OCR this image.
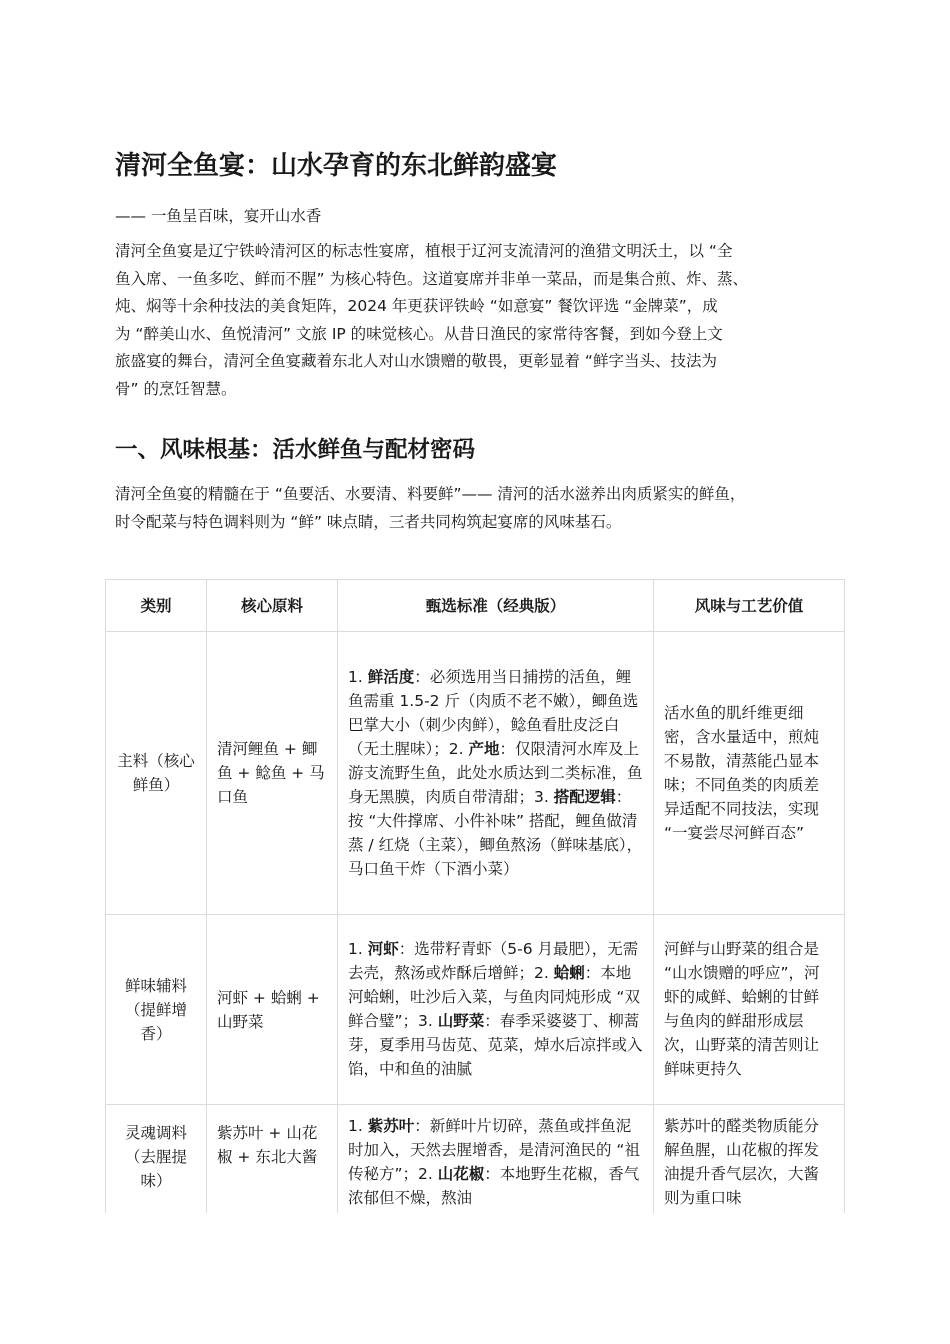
清河全鱼宴：山水孕育的东北鲜韵盛宴

—— 一鱼呈百味，宴开山水香

清河全鱼宴是辽宁铁岭清河区的标志性宴席，植根于辽河支流清河的渔猎文明沃土，以 “全
鱼入席、一鱼多吃、鲜而不腥” 为核心特色。这道宴席并非单一菜品，而是集合煎、炸、蒸、
炖、焖等十余种技法的美食矩阵，2024 年更获评铁岭 “如意宴” 餐饮评选 “金牌菜”，成
为 “醉美山水、鱼悦清河” 文旅 IP 的味觉核心。从昔日渔民的家常待客餐，到如今登上文
旅盛宴的舞台，清河全鱼宴藏着东北人对山水馈赠的敬畏，更彰显着 “鲜字当头、技法为
骨” 的烹饪智慧。

一、风味根基：活水鲜鱼与配材密码

清河全鱼宴的精髓在于 “鱼要活、水要清、料要鲜”—— 清河的活水滋养出肉质紧实的鲜鱼，
时令配菜与特色调料则为 “鲜” 味点睛，三者共同构筑起宴席的风味基石。

类别	核心原料	甄选标准（经典版）	风味与工艺价值
主料（核心鲜鱼）	清河鲤鱼 + 鲫鱼 + 鲶鱼 + 马口鱼	1. 鲜活度：必须选用当日捕捞的活鱼，鲤鱼需重 1.5-2 斤（肉质不老不嫩），鲫鱼选巴掌大小（刺少肉鲜），鲶鱼看肚皮泛白（无土腥味）；2. 产地：仅限清河水库及上游支流野生鱼，此处水质达到二类标准，鱼身无黑膜，肉质自带清甜；3. 搭配逻辑：按 “大件撑席、小件补味” 搭配，鲤鱼做清蒸 / 红烧（主菜），鲫鱼熬汤（鲜味基底），马口鱼干炸（下酒小菜）	活水鱼的肌纤维更细密，含水量适中，煎炖不易散，清蒸能凸显本味；不同鱼类的肉质差异适配不同技法，实现 “一宴尝尽河鲜百态”
鲜味辅料（提鲜增香）	河虾 + 蛤蜊 + 山野菜	1. 河虾：选带籽青虾（5-6 月最肥），无需去壳，熬汤或炸酥后增鲜；2. 蛤蜊：本地河蛤蜊，吐沙后入菜，与鱼肉同炖形成 “双鲜合璧”；3. 山野菜：春季采婆婆丁、柳蒿芽，夏季用马齿苋、苋菜，焯水后凉拌或入馅，中和鱼的油腻	河鲜与山野菜的组合是 “山水馈赠的呼应”，河虾的咸鲜、蛤蜊的甘鲜与鱼肉的鲜甜形成层次，山野菜的清苦则让鲜味更持久
灵魂调料（去腥提味）	紫苏叶 + 山花椒 + 东北大酱	1. 紫苏叶：新鲜叶片切碎，蒸鱼或拌鱼泥时加入，天然去腥增香，是清河渔民的 “祖传秘方”；2. 山花椒：本地野生花椒，香气浓郁但不燥，熬油	紫苏叶的醛类物质能分解鱼腥，山花椒的挥发油提升香气层次，大酱则为重口味
